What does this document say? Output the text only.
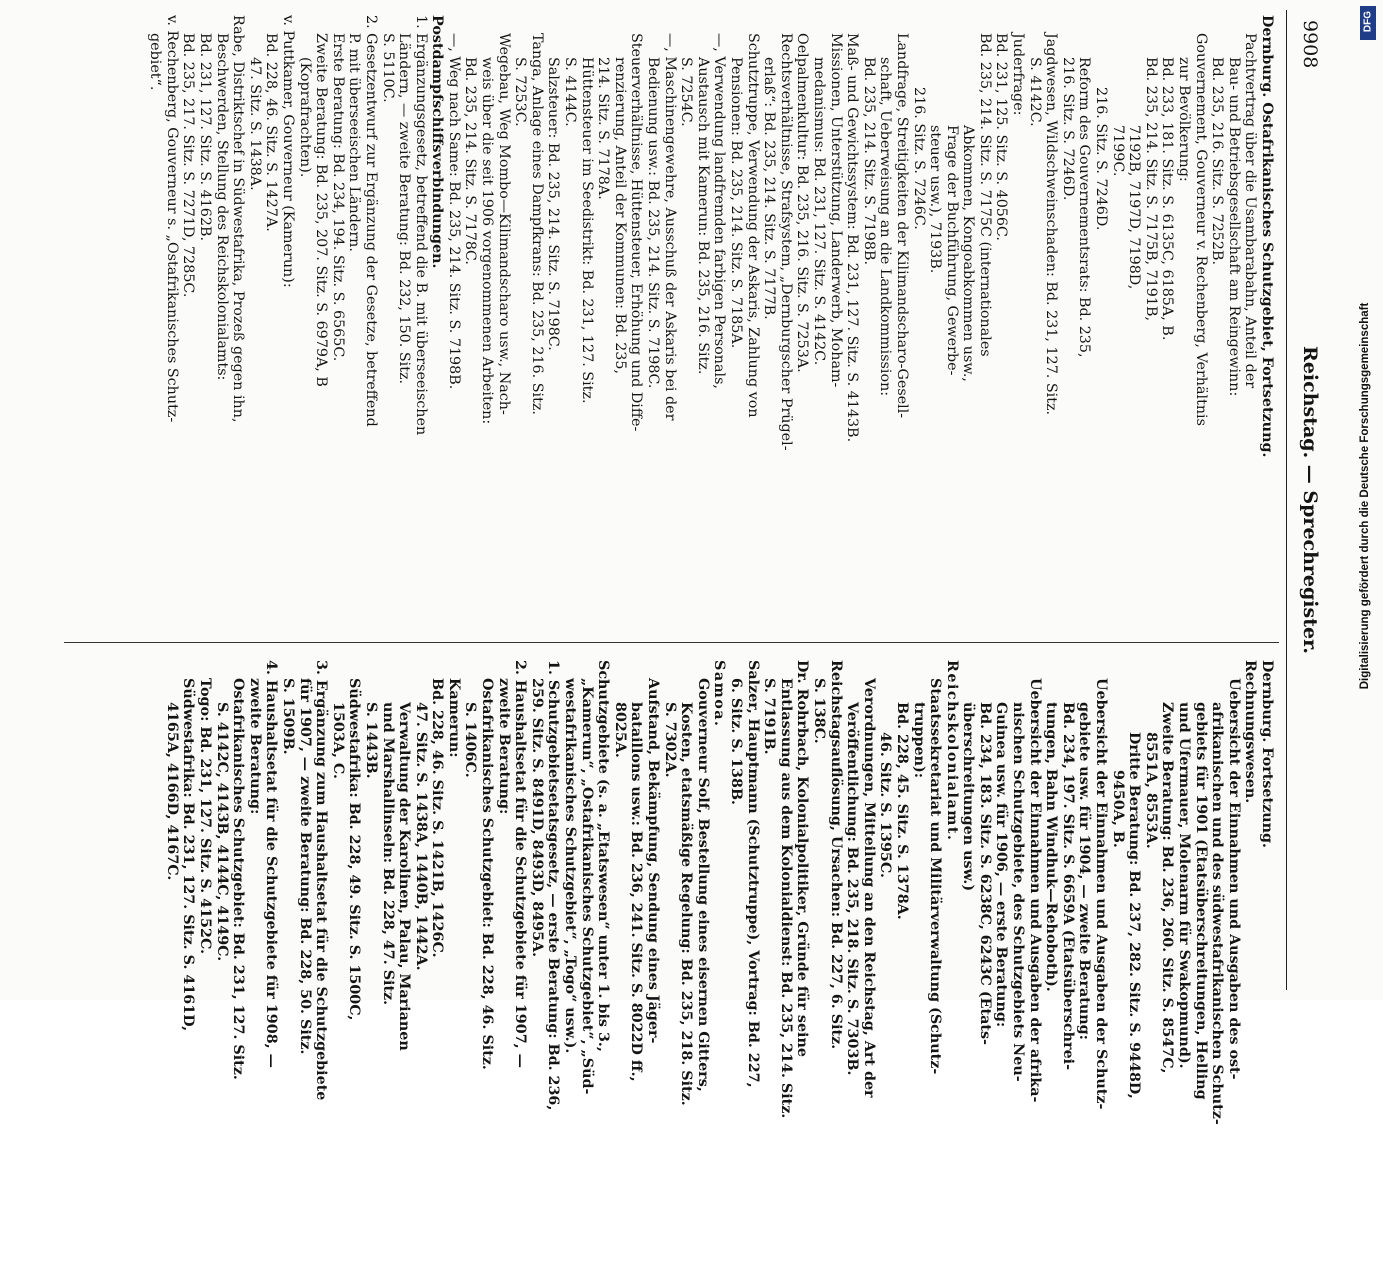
9908
Reichstag. — Sprechregister.
Dernburg. Ostafrikanisches Schutzgebiet, Fortsetzung.
Pachtvertrag über die Usambarabahn, Anteil der
Bau- und Betriebsgesellschaft am Reingewinn:
Bd. 235, 216. Sitz. S. 7252B.
Gouvernement, Gouverneur v. Rechenberg, Verhältnis
zur Bevölkerung:
Bd. 233, 181. Sitz. S. 6135C, 6185A, B.
Bd. 235, 214. Sitz. S. 7175B, 7191B,
7192B, 7197D, 7198D,
7199C.
216. Sitz. S. 7246D.
Reform des Gouvernementsrats: Bd. 235,
216. Sitz. S. 7246D.
Jagdwesen, Wildschweinschaden: Bd. 231, 127. Sitz.
S. 4142C.
Juderfrage:
Bd. 231, 125. Sitz. S. 4056C.
Bd. 235, 214. Sitz. S. 7175C (internationales
Abkommen, Kongoabkommen usw.,
Frage der Buchführung, Gewerbe-
steuer usw.), 7193B.
216. Sitz. S. 7246C.
Landfrage, Streitigkeiten der Kilimandscharo-Gesell-
schaft, Ueberweisung an die Landkommission:
Bd. 235, 214. Sitz. S. 7198B.
Maß- und Gewichtssystem: Bd. 231, 127. Sitz. S. 4143B.
Missionen, Unterstützung, Landerwerb, Moham-
medanismus: Bd. 231, 127. Sitz. S. 4142C.
Oelpalmenkultur: Bd. 235, 216. Sitz. S. 7253A.
Rechtsverhältnisse, Strafsystem, „Dernburgscher Prügel-
erlaß“: Bd. 235, 214. Sitz. S. 7177B.
Schutztruppe, Verwendung der Askaris, Zahlung von
Pensionen: Bd. 235, 214. Sitz. S. 7185A.
—, Verwendung landfremden farbigen Personals,
Austausch mit Kamerun: Bd. 235, 216. Sitz.
S. 7254C.
—, Maschinengewehre, Ausschuß der Askaris bei der
Bedienung usw.: Bd. 235, 214. Sitz. S. 7198C.
Steuerverhältnisse, Hüttensteuer, Erhöhung und Diffe-
renzierung, Anteil der Kommunen: Bd. 235,
214. Sitz. S. 7178A.
Hüttensteuer im Seedistrikt: Bd. 231, 127. Sitz.
S. 4144C.
Salzsteuer: Bd. 235, 214. Sitz. S. 7198C.
Tanga, Anlage eines Dampfkrans: Bd. 235, 216. Sitz.
S. 7253C.
Wegebau, Weg Mombo—Kilimandscharo usw., Nach-
weis über die seit 1906 vorgenommenen Arbeiten:
Bd. 235, 214. Sitz. S. 7178C.
—, Weg nach Same: Bd. 235, 214. Sitz. S. 7198B.
Postdampfschiffsverbindungen.
1. Ergänzungsgesetz, betreffend die B. mit überseeischen
Ländern, — zweite Beratung: Bd. 232, 150. Sitz.
S. 5110C.
2. Gesetzentwurf zur Ergänzung der Gesetze, betreffend
P. mit überseeischen Ländern.
Erste Beratung: Bd. 234, 194. Sitz. S. 6565C.
Zweite Beratung: Bd. 235, 207. Sitz. S. 6979A, B
(Koprafrachten).
v. Puttkamer, Gouverneur (Kamerun):
Bd. 228, 46. Sitz. S. 1427A.
47. Sitz. S. 1438A.
Rabe, Distriktschef in Südwestafrika, Prozeß gegen ihn,
Beschwerden, Stellung des Reichskolonialamts:
Bd. 231, 127. Sitz. S. 4162B.
Bd. 235, 217. Sitz. S. 7271D, 7285C.
v. Rechenberg, Gouverneur s. „Ostafrikanisches Schutz-
gebiet“.
Dernburg. Fortsetzung.
Rechnungswesen.
Uebersicht der Einnahmen und Ausgaben des ost-
afrikanischen und des südwestafrikanischen Schutz-
gebiets für 1901 (Etatsüberschreitungen, Helling
und Ufermauer, Molenarm für Swakopmund).
Zweite Beratung: Bd. 236, 260. Sitz. S. 8547C,
8551A, 8553A.
Dritte Beratung: Bd. 237, 282. Sitz. S. 9448D,
9450A, B.
Uebersicht der Einnahmen und Ausgaben der Schutz-
gebiete usw. für 1904, — zweite Beratung:
Bd. 234, 197. Sitz. S. 6659A (Etatsüberschrei-
tungen, Bahn Windhuk—Rehoboth).
Uebersicht der Einnahmen und Ausgaben der afrika-
nischen Schutzgebiete, des Schutzgebiets Neu-
Guinea usw. für 1906, — erste Beratung:
Bd. 234, 183. Sitz. S. 6238C, 6243C (Etats-
überschreitungen usw.)
Reichskolonialamt.
Staatssekretariat und Militärverwaltung (Schutz-
truppen):
Bd. 228, 45. Sitz. S. 1378A.
46. Sitz. S. 1395C.
Verordnungen, Mitteilung an den Reichstag, Art der
Veröffentlichung: Bd. 235, 218. Sitz. S. 7303B.
Reichstagsauflösung, Ursachen: Bd. 227, 6. Sitz.
S. 138C.
Dr. Rohrbach, Kolonialpolitiker, Gründe für seine
Entlassung aus dem Kolonialdienst: Bd. 235, 214. Sitz.
S. 7191B.
Salzer, Hauptmann (Schutztruppe), Vortrag: Bd. 227,
6. Sitz. S. 138B.
Samoa.
Gouverneur Solf, Bestellung eines eisernen Gitters,
Kosten, etatsmäßige Regelung: Bd. 235, 218. Sitz.
S. 7302A.
Aufstand, Bekämpfung, Sendung eines Jäger-
bataillons usw.: Bd. 236, 241. Sitz. S. 8022D ff.,
8025A.
Schutzgebiete (s. a. „Etatswesen“ unter 1. bis 3.,
„Kamerun“, „Ostafrikanisches Schutzgebiet“, „Süd-
westafrikanisches Schutzgebiet“, „Togo“ usw.).
1. Schutzgebietsetatsgesetz, — erste Beratung: Bd. 236,
259. Sitz. S. 8491D, 8493D, 8495A.
2. Haushaltsetat für die Schutzgebiete für 1907, —
zweite Beratung:
Ostafrikanisches Schutzgebiet: Bd. 228, 46. Sitz.
S. 1406C.
Kamerun:
Bd. 228, 46. Sitz. S. 1421B, 1426C.
47. Sitz. S. 1438A, 1440B, 1442A.
Verwaltung der Karolinen, Palau, Marianen
und Marshallinseln: Bd. 228, 47. Sitz.
S. 1443B.
Südwestafrika: Bd. 228, 49. Sitz. S. 1500C,
1503A, C.
3. Ergänzung zum Haushaltsetat für die Schutzgebiete
für 1907, — zweite Beratung: Bd. 228, 50. Sitz.
S. 1509B.
4. Haushaltsetat für die Schutzgebiete für 1908, —
zweite Beratung:
Ostafrikanisches Schutzgebiet: Bd. 231, 127. Sitz.
S. 4142C, 4143B, 4144C, 4149C.
Togo: Bd. 231, 127. Sitz. S. 4152C.
Südwestafrika: Bd. 231, 127. Sitz. S. 4161D,
4165A, 4166D, 4167C.
Digitalisierung gefördert durch die Deutsche Forschungsgemeinschaft
DFG
